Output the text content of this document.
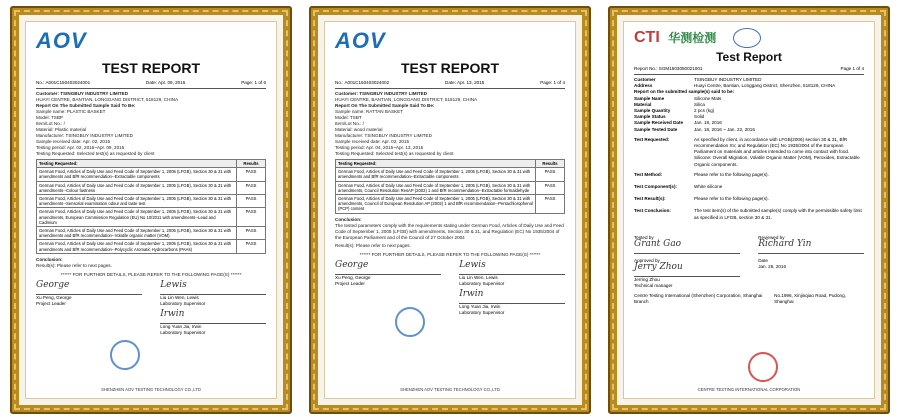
AOV
TEST REPORT
No.: A001C150403024001	Date: Apr. 09, 2015	Page: 1 of 6
Customer: TSINGBUY INDUSTRY LIMITED
HUAYI CENTRE, BANTIAN, LONGGANG DISTRICT, 518129, CHINA
Report On The Submitted Sample Said To Be:
Sample name: PLASTIC BASKET
Model: TSBP
Item/Lot No.: /
Material: Plastic material
Manufacturer: TSINGBUY INDUSTRY LIMITED
Sample received date: Apr. 02, 2015
Testing period: Apr. 02, 2015~Apr. 09, 2015
Testing Requested: Selected test(s) as requested by client
Testing Requested:	Results
German Food, Articles of Daily Use and Feed Code of September 1, 2005 (LFGB), Section 30 & 31 with amendments and BfR recommendation--Extractable components	PASS
German Food, Articles of Daily Use and Feed Code of September 1, 2005 (LFGB), Section 30 & 31 with amendments--Colour fastness	PASS
German Food, Articles of Daily Use and Feed Code of September 1, 2005 (LFGB), Section 30 & 31 with amendments--Sensorial examination odour and taste test	PASS
German Food, Articles of Daily Use and Feed Code of September 1, 2005 (LFGB), Section 30 & 31 with amendments, European Commission Regulation (EU) No 10/2011 with amendments--Lead and Cadmium	PASS
German Food, Articles of Daily Use and Feed Code of September 1, 2005 (LFGB), Section 30 & 31 with amendments and BfR recommendation--Volatile organic matter (VOM)	PASS
German Food, Articles of Daily Use and Feed Code of September 1, 2005 (LFGB), Section 30 & 31 with amendments and BfR recommendation--Polycyclic Aromatic Hydrocarbons (PAHs)	PASS
Conclusion:
Result(s): Please refer to next pages.
****** FOR FURTHER DETAILS, PLEASE REFER TO THE FOLLOWING PAGE(S) ******
George
Xu Peng, George
Project Leader
Lewis
Liu Lin Wen, Lewis
Laboratory Supervisor
Irwin
Long Yuan Jia, Irwin
Laboratory Supervisor
SHENZHEN AOV TESTING TECHNOLOGY CO.,LTD
AOV
TEST REPORT
No.: A001C150403024002	Date: Apr. 13, 2015	Page: 1 of 4
Customer: TSINGBUY INDUSTRY LIMITED
HUAYI CENTRE, BANTIAN, LONGGANG DISTRICT, 518129, CHINA
Report On The Submitted Sample Said To Be:
Sample name: RATTAN BASKET
Model: TSBT
Item/Lot No.: /
Material: wood material
Manufacturer: TSINGBUY INDUSTRY LIMITED
Sample received date: Apr. 02, 2015
Testing period: Apr. 04, 2015~Apr. 13, 2015
Testing Requested: Selected test(s) as requested by client
Testing Requested:	Results
German Food, Articles of Daily Use and Feed Code of September 1, 2005 (LFGB), Section 30 & 31 with amendments and BfR recommendation--Extractable components	PASS
German Food, Articles of Daily Use and Feed Code of September 1, 2005 (LFGB), Section 30 & 31 with amendments, Council Resolution ResAP (2002) 1 and BfR recommendation--Extractable formaldehyde	PASS
German Food, Articles of Daily Use and Feed Code of September 1, 2005 (LFGB), Section 30 & 31 with amendments, Council of European Resolution AP (2002) 1 and BfR recommendation--Pentachlorophenol (PCP) content	PASS
Conclusion:
The tested parameters comply with the requirements stating under German Food, Articles of Daily Use and Feed Code of September 1, 2005 (LFGB) with amendments, Section 30 & 31, and Regulation (EC) No 1935/2004 of the European Parliament and of the Council of 27 October 2004
Result(s): Please refer to next pages.
****** FOR FURTHER DETAILS, PLEASE REFER TO THE FOLLOWING PAGE(S) ******
George
Xu Peng, George
Project Leader
Lewis
Liu Lin Wen, Lewis
Laboratory Supervisor
Irwin
Long Yuan Jia, Irwin
Laboratory Supervisor
SHENZHEN AOV TESTING TECHNOLOGY CO.,LTD
CTI 华测检测
Test Report
Report No.: SGM1503050021001	Page 1 of 4
Customer	TSINGBUY INDUSTRY LIMITED
Address	Huayi Centre, Bantian, Longgang District, Shenzhen, 518129, CHINA
Report on the submitted sample(s) said to be:
Sample Name	Silicone Mats
Material	Silica
Sample Quantity	2 pcs (kg)
Sample Status	Solid
Sample Received Date	Jan. 18, 2016
Sample Tested Date	Jan. 18, 2016 ~ Jan. 22, 2016
Test Requested:	As specified by client, in accordance with LFGB(2006) section 30 & 31, BfR recommendation XV, and Regulation (EC) No 1935/2004 of the European Parliament on materials and articles intended to come into contact with food. Silicone: Overall Migration, Volatile Organic Matter (VOM), Peroxides, Extractable Organic components.
Test Method:	Please refer to the following page(s).
Test Component(s):	White silicone
Test Result(s):	Please refer to the following page(s).
Test Conclusion:	The test item(s) of the submitted sample(s) comply with the permissible safety limit as specified in LFGB, section 30 & 31.
Tested by
Grant Gao
Reviewed by
Richard Yin
Approved by
Jerry Zhou
Jerring Zhou
Technical manager
Date
Jan. 25, 2016
Centre Testing International (Shenzhen) Corporation, Shanghai Branch
No.1996, Xinjinqiao Road, Pudong, Shanghai
CENTRE TESTING INTERNATIONAL CORPORATION
